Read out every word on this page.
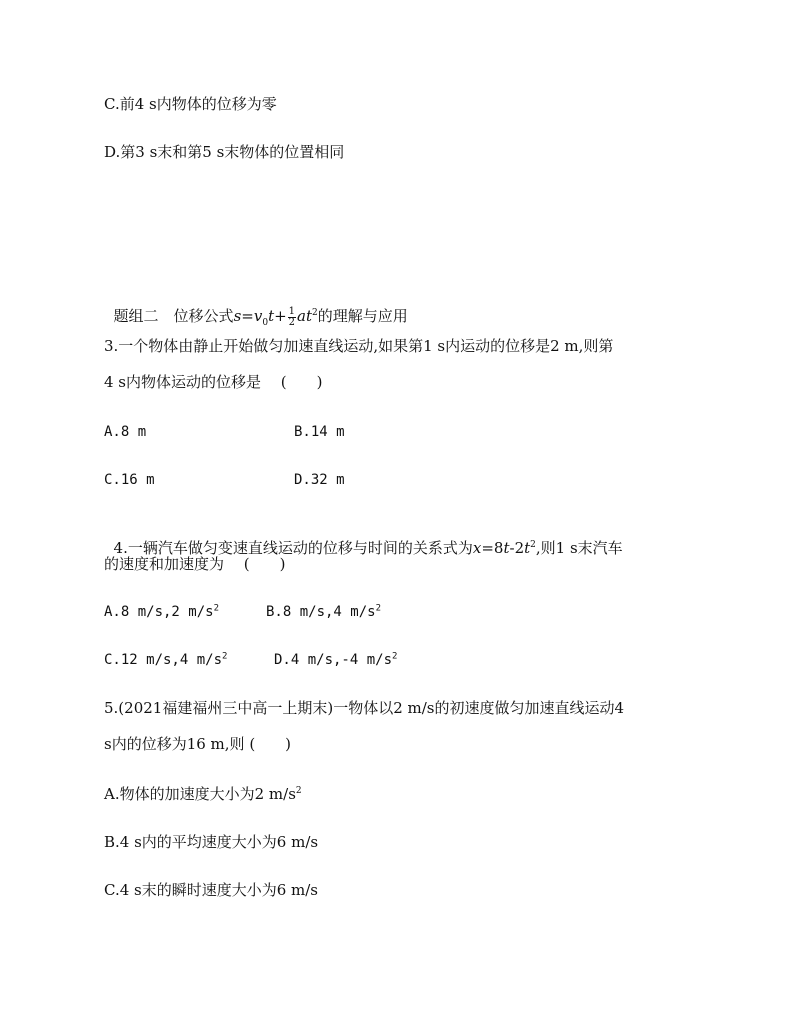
C.前4 s内物体的位移为零
D.第3 s末和第5 s末物体的位置相同

题组二　位移公式$s=v_0t+ \frac{1}{2} at^2$的理解与应用

3.一个物体由静止开始做匀加速直线运动,如果第1 s内运动的位移是2 m,则第
4 s内物体运动的位移是　 (　　)
A.8 m	B.14 m
C.16 m	D.32 m

4.一辆汽车做匀变速直线运动的位移与时间的关系式为$x=8t-2t^2$,则1 s末汽车

的速度和加速度为　 (　　)
A.8 m/s,2 $m/s^2$	B.8 m/s,4 $m/s^2$
C.12 m/s,4 $m/s^2$	D.4 m/s,-4 $m/s^2$
5.(2021福建福州三中高一上期末)一物体以2 m/s的初速度做匀加速直线运动4
s内的位移为16 m,则 (　　)
A.物体的加速度大小为2 $m/s^2$
B.4 s内的平均速度大小为6 m/s
C.4 s末的瞬时速度大小为6 m/s
